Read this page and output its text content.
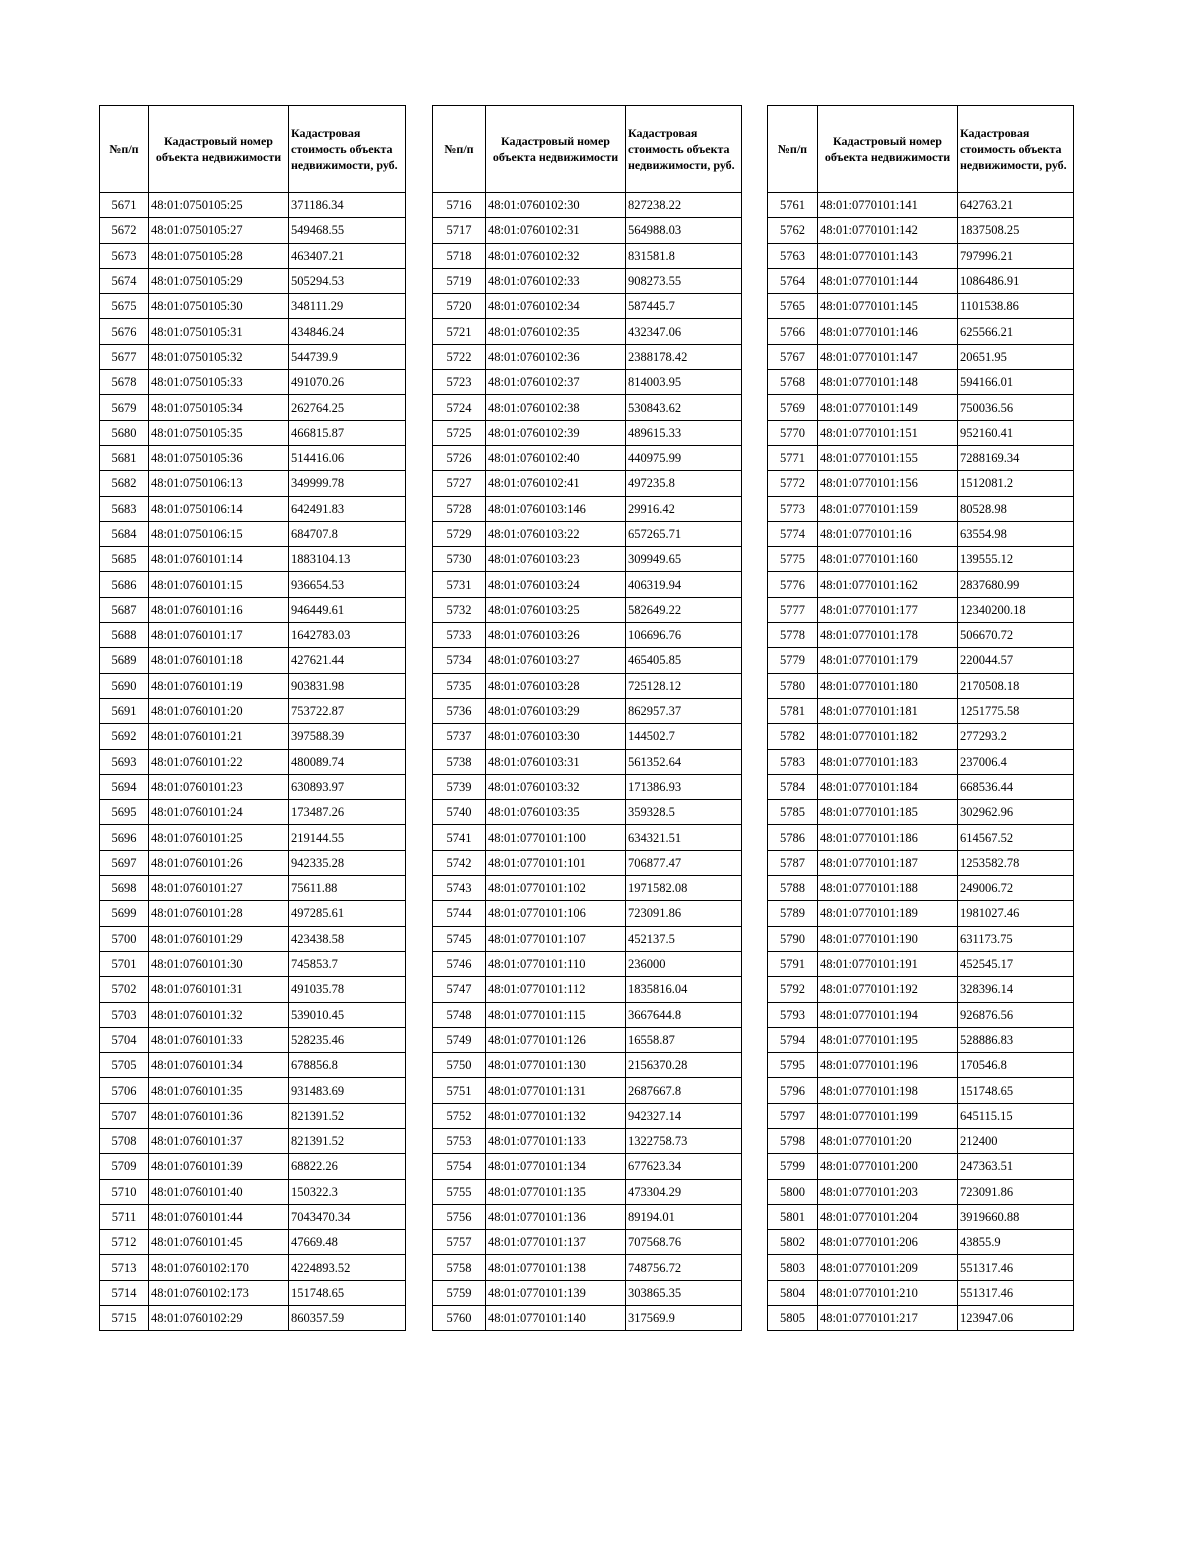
№п/п	Кадастровый номер объекта недвижимости	Кадастровая стоимость объекта недвижимости, руб.
5671	48:01:0750105:25	371186.34
5672	48:01:0750105:27	549468.55
5673	48:01:0750105:28	463407.21
5674	48:01:0750105:29	505294.53
5675	48:01:0750105:30	348111.29
5676	48:01:0750105:31	434846.24
5677	48:01:0750105:32	544739.9
5678	48:01:0750105:33	491070.26
5679	48:01:0750105:34	262764.25
5680	48:01:0750105:35	466815.87
5681	48:01:0750105:36	514416.06
5682	48:01:0750106:13	349999.78
5683	48:01:0750106:14	642491.83
5684	48:01:0750106:15	684707.8
5685	48:01:0760101:14	1883104.13
5686	48:01:0760101:15	936654.53
5687	48:01:0760101:16	946449.61
5688	48:01:0760101:17	1642783.03
5689	48:01:0760101:18	427621.44
5690	48:01:0760101:19	903831.98
5691	48:01:0760101:20	753722.87
5692	48:01:0760101:21	397588.39
5693	48:01:0760101:22	480089.74
5694	48:01:0760101:23	630893.97
5695	48:01:0760101:24	173487.26
5696	48:01:0760101:25	219144.55
5697	48:01:0760101:26	942335.28
5698	48:01:0760101:27	75611.88
5699	48:01:0760101:28	497285.61
5700	48:01:0760101:29	423438.58
5701	48:01:0760101:30	745853.7
5702	48:01:0760101:31	491035.78
5703	48:01:0760101:32	539010.45
5704	48:01:0760101:33	528235.46
5705	48:01:0760101:34	678856.8
5706	48:01:0760101:35	931483.69
5707	48:01:0760101:36	821391.52
5708	48:01:0760101:37	821391.52
5709	48:01:0760101:39	68822.26
5710	48:01:0760101:40	150322.3
5711	48:01:0760101:44	7043470.34
5712	48:01:0760101:45	47669.48
5713	48:01:0760102:170	4224893.52
5714	48:01:0760102:173	151748.65
5715	48:01:0760102:29	860357.59
№п/п	Кадастровый номер объекта недвижимости	Кадастровая стоимость объекта недвижимости, руб.
5716	48:01:0760102:30	827238.22
5717	48:01:0760102:31	564988.03
5718	48:01:0760102:32	831581.8
5719	48:01:0760102:33	908273.55
5720	48:01:0760102:34	587445.7
5721	48:01:0760102:35	432347.06
5722	48:01:0760102:36	2388178.42
5723	48:01:0760102:37	814003.95
5724	48:01:0760102:38	530843.62
5725	48:01:0760102:39	489615.33
5726	48:01:0760102:40	440975.99
5727	48:01:0760102:41	497235.8
5728	48:01:0760103:146	29916.42
5729	48:01:0760103:22	657265.71
5730	48:01:0760103:23	309949.65
5731	48:01:0760103:24	406319.94
5732	48:01:0760103:25	582649.22
5733	48:01:0760103:26	106696.76
5734	48:01:0760103:27	465405.85
5735	48:01:0760103:28	725128.12
5736	48:01:0760103:29	862957.37
5737	48:01:0760103:30	144502.7
5738	48:01:0760103:31	561352.64
5739	48:01:0760103:32	171386.93
5740	48:01:0760103:35	359328.5
5741	48:01:0770101:100	634321.51
5742	48:01:0770101:101	706877.47
5743	48:01:0770101:102	1971582.08
5744	48:01:0770101:106	723091.86
5745	48:01:0770101:107	452137.5
5746	48:01:0770101:110	236000
5747	48:01:0770101:112	1835816.04
5748	48:01:0770101:115	3667644.8
5749	48:01:0770101:126	16558.87
5750	48:01:0770101:130	2156370.28
5751	48:01:0770101:131	2687667.8
5752	48:01:0770101:132	942327.14
5753	48:01:0770101:133	1322758.73
5754	48:01:0770101:134	677623.34
5755	48:01:0770101:135	473304.29
5756	48:01:0770101:136	89194.01
5757	48:01:0770101:137	707568.76
5758	48:01:0770101:138	748756.72
5759	48:01:0770101:139	303865.35
5760	48:01:0770101:140	317569.9
№п/п	Кадастровый номер объекта недвижимости	Кадастровая стоимость объекта недвижимости, руб.
5761	48:01:0770101:141	642763.21
5762	48:01:0770101:142	1837508.25
5763	48:01:0770101:143	797996.21
5764	48:01:0770101:144	1086486.91
5765	48:01:0770101:145	1101538.86
5766	48:01:0770101:146	625566.21
5767	48:01:0770101:147	20651.95
5768	48:01:0770101:148	594166.01
5769	48:01:0770101:149	750036.56
5770	48:01:0770101:151	952160.41
5771	48:01:0770101:155	7288169.34
5772	48:01:0770101:156	1512081.2
5773	48:01:0770101:159	80528.98
5774	48:01:0770101:16	63554.98
5775	48:01:0770101:160	139555.12
5776	48:01:0770101:162	2837680.99
5777	48:01:0770101:177	12340200.18
5778	48:01:0770101:178	506670.72
5779	48:01:0770101:179	220044.57
5780	48:01:0770101:180	2170508.18
5781	48:01:0770101:181	1251775.58
5782	48:01:0770101:182	277293.2
5783	48:01:0770101:183	237006.4
5784	48:01:0770101:184	668536.44
5785	48:01:0770101:185	302962.96
5786	48:01:0770101:186	614567.52
5787	48:01:0770101:187	1253582.78
5788	48:01:0770101:188	249006.72
5789	48:01:0770101:189	1981027.46
5790	48:01:0770101:190	631173.75
5791	48:01:0770101:191	452545.17
5792	48:01:0770101:192	328396.14
5793	48:01:0770101:194	926876.56
5794	48:01:0770101:195	528886.83
5795	48:01:0770101:196	170546.8
5796	48:01:0770101:198	151748.65
5797	48:01:0770101:199	645115.15
5798	48:01:0770101:20	212400
5799	48:01:0770101:200	247363.51
5800	48:01:0770101:203	723091.86
5801	48:01:0770101:204	3919660.88
5802	48:01:0770101:206	43855.9
5803	48:01:0770101:209	551317.46
5804	48:01:0770101:210	551317.46
5805	48:01:0770101:217	123947.06
